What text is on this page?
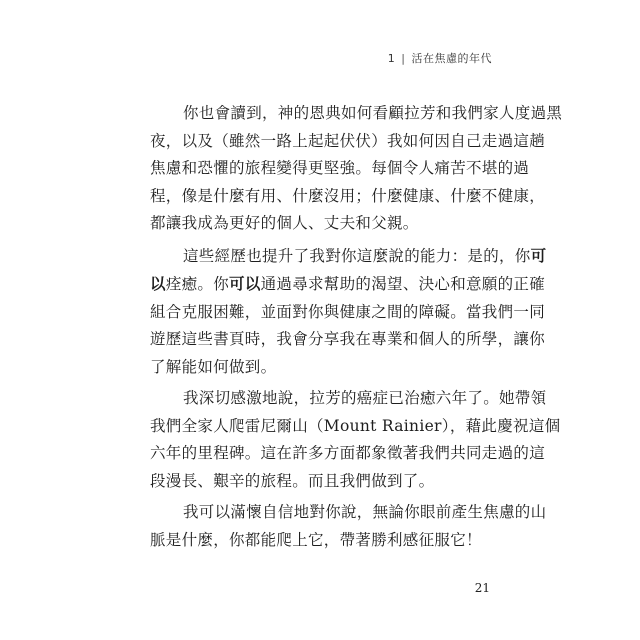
1 | 活在焦慮的年代
你也會讀到，神的恩典如何看顧拉芳和我們家人度過黑
夜，以及（雖然一路上起起伏伏）我如何因自己走過這趟
焦慮和恐懼的旅程變得更堅強。每個令人痛苦不堪的過
程，像是什麼有用、什麼沒用；什麼健康、什麼不健康，
都讓我成為更好的個人、丈夫和父親。
這些經歷也提升了我對你這麼說的能力：是的，你可
以痊癒。你可以通過尋求幫助的渴望、決心和意願的正確
組合克服困難，並面對你與健康之間的障礙。當我們一同
遊歷這些書頁時，我會分享我在專業和個人的所學，讓你
了解能如何做到。
我深切感激地說，拉芳的癌症已治癒六年了。她帶領
我們全家人爬雷尼爾山（Mount Rainier），藉此慶祝這個
六年的里程碑。這在許多方面都象徵著我們共同走過的這
段漫長、艱辛的旅程。而且我們做到了。
我可以滿懷自信地對你說，無論你眼前產生焦慮的山
脈是什麼，你都能爬上它，帶著勝利感征服它！
21
